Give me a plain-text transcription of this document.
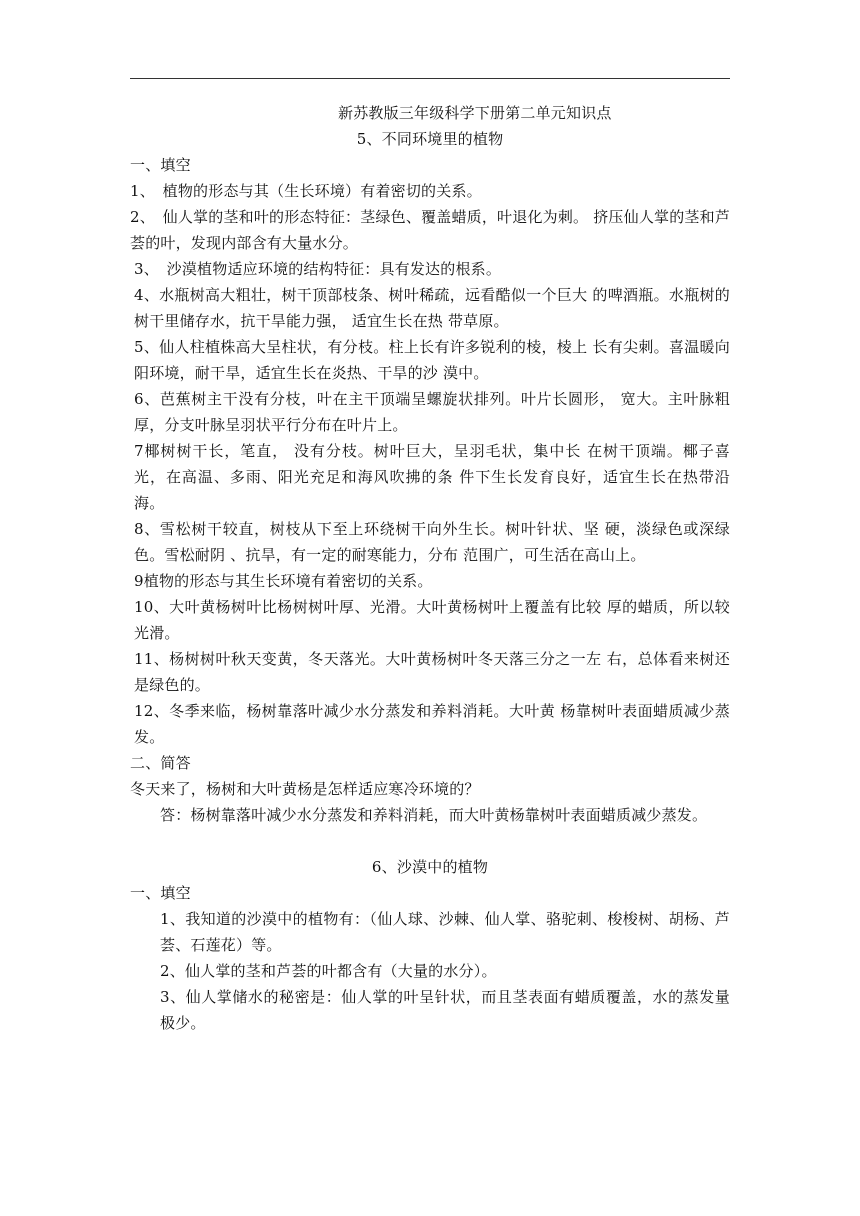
新苏教版三年级科学下册第二单元知识点

5、不同环境里的植物

一、填空

1、　植物的形态与其（生长环境）有着密切的关系。

2、　仙人掌的茎和叶的形态特征：茎绿色、覆盖蜡质，叶退化为刺。 挤压仙人掌的茎和芦荟的叶，发现内部含有大量水分。

3、　沙漠植物适应环境的结构特征：具有发达的根系。

4、水瓶树高大粗壮，树干顶部枝条、树叶稀疏，远看酷似一个巨大 的啤酒瓶。水瓶树的树干里储存水，抗干旱能力强， 适宜生长在热 带草原。

5、仙人柱植株高大呈柱状，有分枝。柱上长有许多锐利的棱，棱上 长有尖刺。喜温暖向阳环境，耐干旱，适宜生长在炎热、干旱的沙 漠中。

6、芭蕉树主干没有分枝，叶在主干顶端呈螺旋状排列。叶片长圆形， 宽大。主叶脉粗厚，分支叶脉呈羽状平行分布在叶片上。

7椰树树干长，笔直， 没有分枝。树叶巨大，呈羽毛状，集中长 在树干顶端。椰子喜光，在高温、多雨、阳光充足和海风吹拂的条 件下生长发育良好，适宜生长在热带沿海。

8、雪松树干较直，树枝从下至上环绕树干向外生长。树叶针状、坚 硬，淡绿色或深绿色。雪松耐阴 、抗旱，有一定的耐寒能力，分布 范围广，可生活在高山上。

9植物的形态与其生长环境有着密切的关系。

10、大叶黄杨树叶比杨树树叶厚、光滑。大叶黄杨树叶上覆盖有比较 厚的蜡质，所以较光滑。

11、杨树树叶秋天变黄，冬天落光。大叶黄杨树叶冬天落三分之一左 右，总体看来树还是绿色的。

12、冬季来临，杨树靠落叶减少水分蒸发和养料消耗。大叶黄 杨靠树叶表面蜡质减少蒸发。

二、简答

冬天来了，杨树和大叶黄杨是怎样适应寒冷环境的？

答：杨树靠落叶减少水分蒸发和养料消耗，而大叶黄杨靠树叶表面蜡质减少蒸发。

6、沙漠中的植物

一、填空

1、我知道的沙漠中的植物有：（仙人球、沙棘、仙人掌、骆驼刺、梭梭树、胡杨、芦荟、石莲花）等。

2、仙人掌的茎和芦荟的叶都含有（大量的水分）。

3、仙人掌储水的秘密是：仙人掌的叶呈针状，而且茎表面有蜡质覆盖，水的蒸发量极少。
